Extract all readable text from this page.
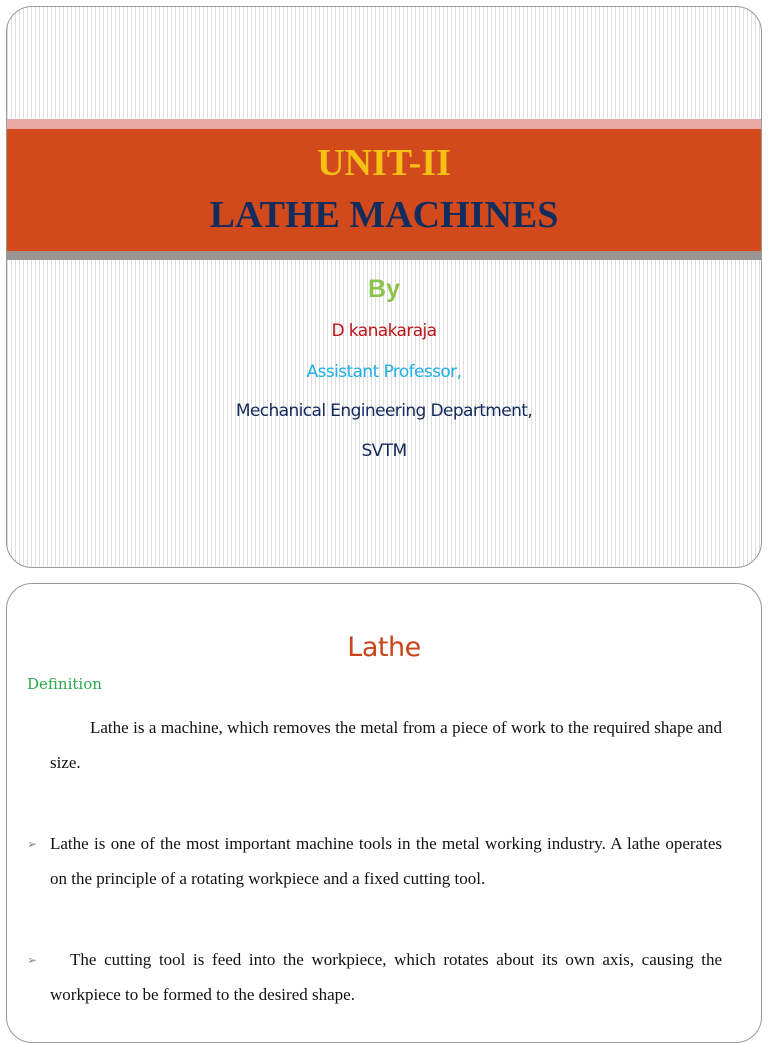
UNIT-II
LATHE MACHINES
By
D kanakaraja
Assistant Professor,
Mechanical Engineering Department,
SVTM
Lathe
Definition

Lathe is a machine, which removes the metal from a piece of work to the required shape and size.

➢ Lathe is one of the most important machine tools in the metal working industry. A lathe operates on the principle of a rotating workpiece and a fixed cutting tool.

➢	The cutting tool is feed into the workpiece, which rotates about its own axis, causing the workpiece to be formed to the desired shape.
